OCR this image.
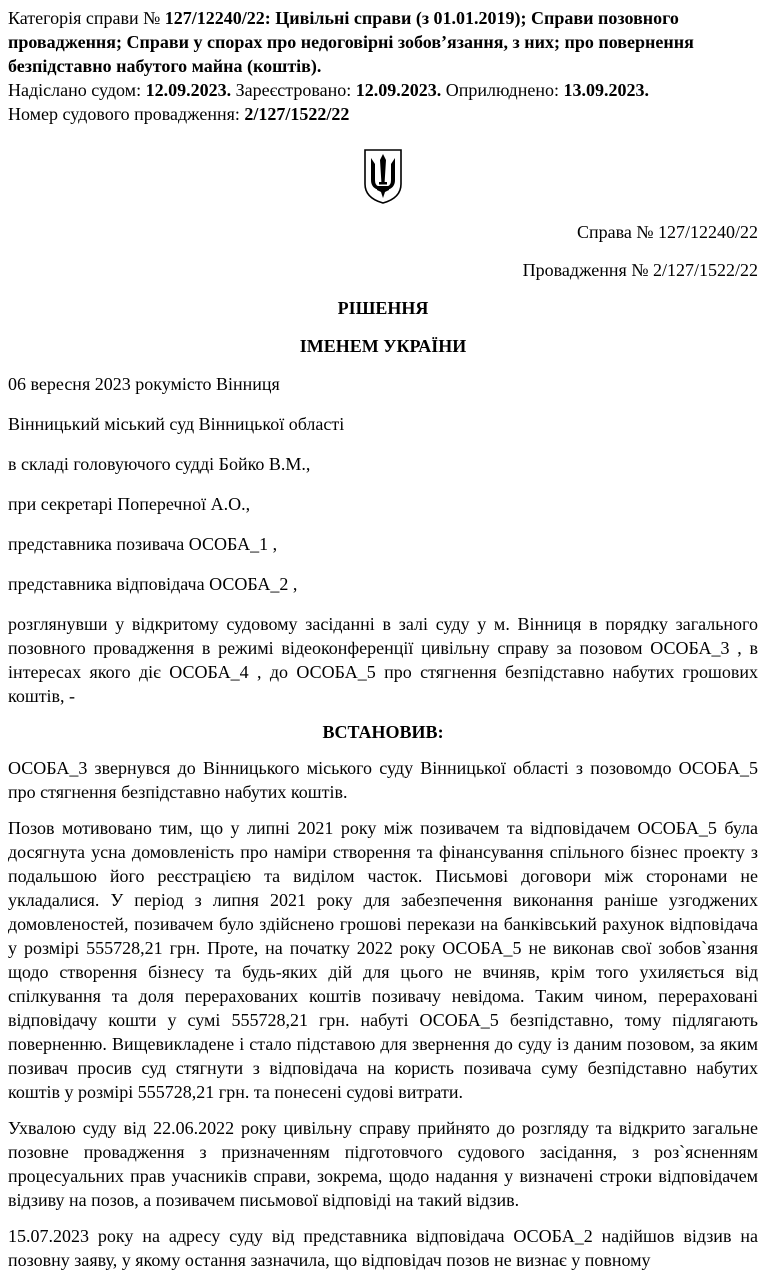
Категорія справи № 127/12240/22: Цивільні справи (з 01.01.2019); Справи позовного провадження; Справи у спорах про недоговірні зобов’язання, з них; про повернення безпідставно набутого майна (коштів).
Надіслано судом: 12.09.2023. Зареєстровано: 12.09.2023. Оприлюднено: 13.09.2023.
Номер судового провадження: 2/127/1522/22

Справа № 127/12240/22

Провадження № 2/127/1522/22

РІШЕННЯ

ІМЕНЕМ УКРАЇНИ

06 вересня 2023 рокумісто Вінниця

Вінницький міський суд Вінницької області

в складі головуючого судді Бойко В.М.,

при секретарі Поперечної А.О.,

представника позивача ОСОБА_1 ,

представника відповідача ОСОБА_2 ,

розглянувши у відкритому судовому засіданні в залі суду у м. Вінниця в порядку загального позовного провадження в режимі відеоконференції цивільну справу за позовом ОСОБА_3 , в інтересах якого діє ОСОБА_4 , до ОСОБА_5 про стягнення безпідставно набутих грошових коштів, -

ВСТАНОВИВ:

ОСОБА_3 звернувся до Вінницького міського суду Вінницької області з позовомдо ОСОБА_5 про стягнення безпідставно набутих коштів.

Позов мотивовано тим, що у липні 2021 року між позивачем та відповідачем ОСОБА_5 була досягнута усна домовленість про наміри створення та фінансування спільного бізнес проекту з подальшою його реєстрацією та виділом часток. Письмові договори між сторонами не укладалися. У період з липня 2021 року для забезпечення виконання раніше узгоджених домовленостей, позивачем було здійснено грошові перекази на банківський рахунок відповідача у розмірі 555728,21 грн. Проте, на початку 2022 року ОСОБА_5 не виконав свої зобов`язання щодо створення бізнесу та будь-яких дій для цього не вчиняв, крім того ухиляється від спілкування та доля перерахованих коштів позивачу невідома. Таким чином, перераховані відповідачу кошти у сумі 555728,21 грн. набуті ОСОБА_5 безпідставно, тому підлягають поверненню. Вищевикладене і стало підставою для звернення до суду із даним позовом, за яким позивач просив суд стягнути з відповідача на користь позивача суму безпідставно набутих коштів у розмірі 555728,21 грн. та понесені судові витрати.

Ухвалою суду від 22.06.2022 року цивільну справу прийнято до розгляду та відкрито загальне позовне провадження з призначенням підготовчого судового засідання, з роз`ясненням процесуальних прав учасників справи, зокрема, щодо надання у визначені строки відповідачем відзиву на позов, а позивачем письмової відповіді на такий відзив.

15.07.2023 року на адресу суду від представника відповідача ОСОБА_2 надійшов відзив на позовну заяву, у якому остання зазначила, що відповідач позов не визнає у повному
